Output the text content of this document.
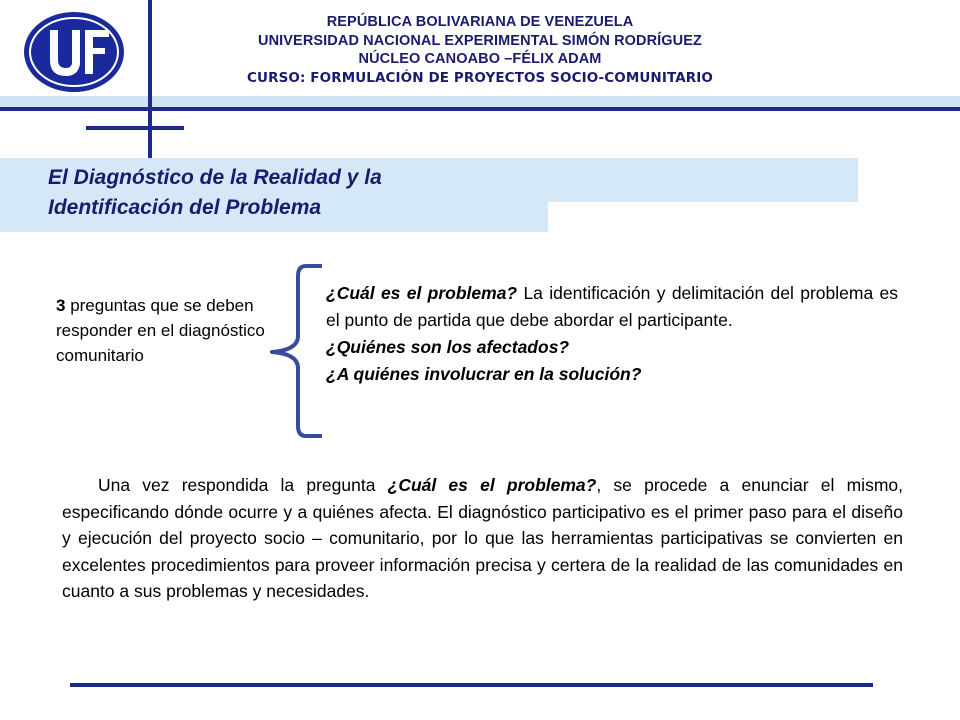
REPÚBLICA BOLIVARIANA DE VENEZUELA
UNIVERSIDAD NACIONAL EXPERIMENTAL SIMÓN RODRÍGUEZ
NÚCLEO CANOABO –FÉLIX ADAM
CURSO: FORMULACIÓN DE PROYECTOS SOCIO-COMUNITARIO
El Diagnóstico de la Realidad y la
Identificación del Problema
3 preguntas que se deben responder en el diagnóstico comunitario

¿Cuál es el problema? La identificación y delimitación del problema es el punto de partida que debe abordar el participante.

¿Quiénes son los afectados?

¿A quiénes involucrar en la solución?

Una vez respondida la pregunta ¿Cuál es el problema?, se procede a enunciar el mismo, especificando dónde ocurre y a quiénes afecta. El diagnóstico participativo es el primer paso para el diseño y ejecución del proyecto socio – comunitario, por lo que las herramientas participativas se convierten en excelentes procedimientos para proveer información precisa y certera de la realidad de las comunidades en cuanto a sus problemas y necesidades.
